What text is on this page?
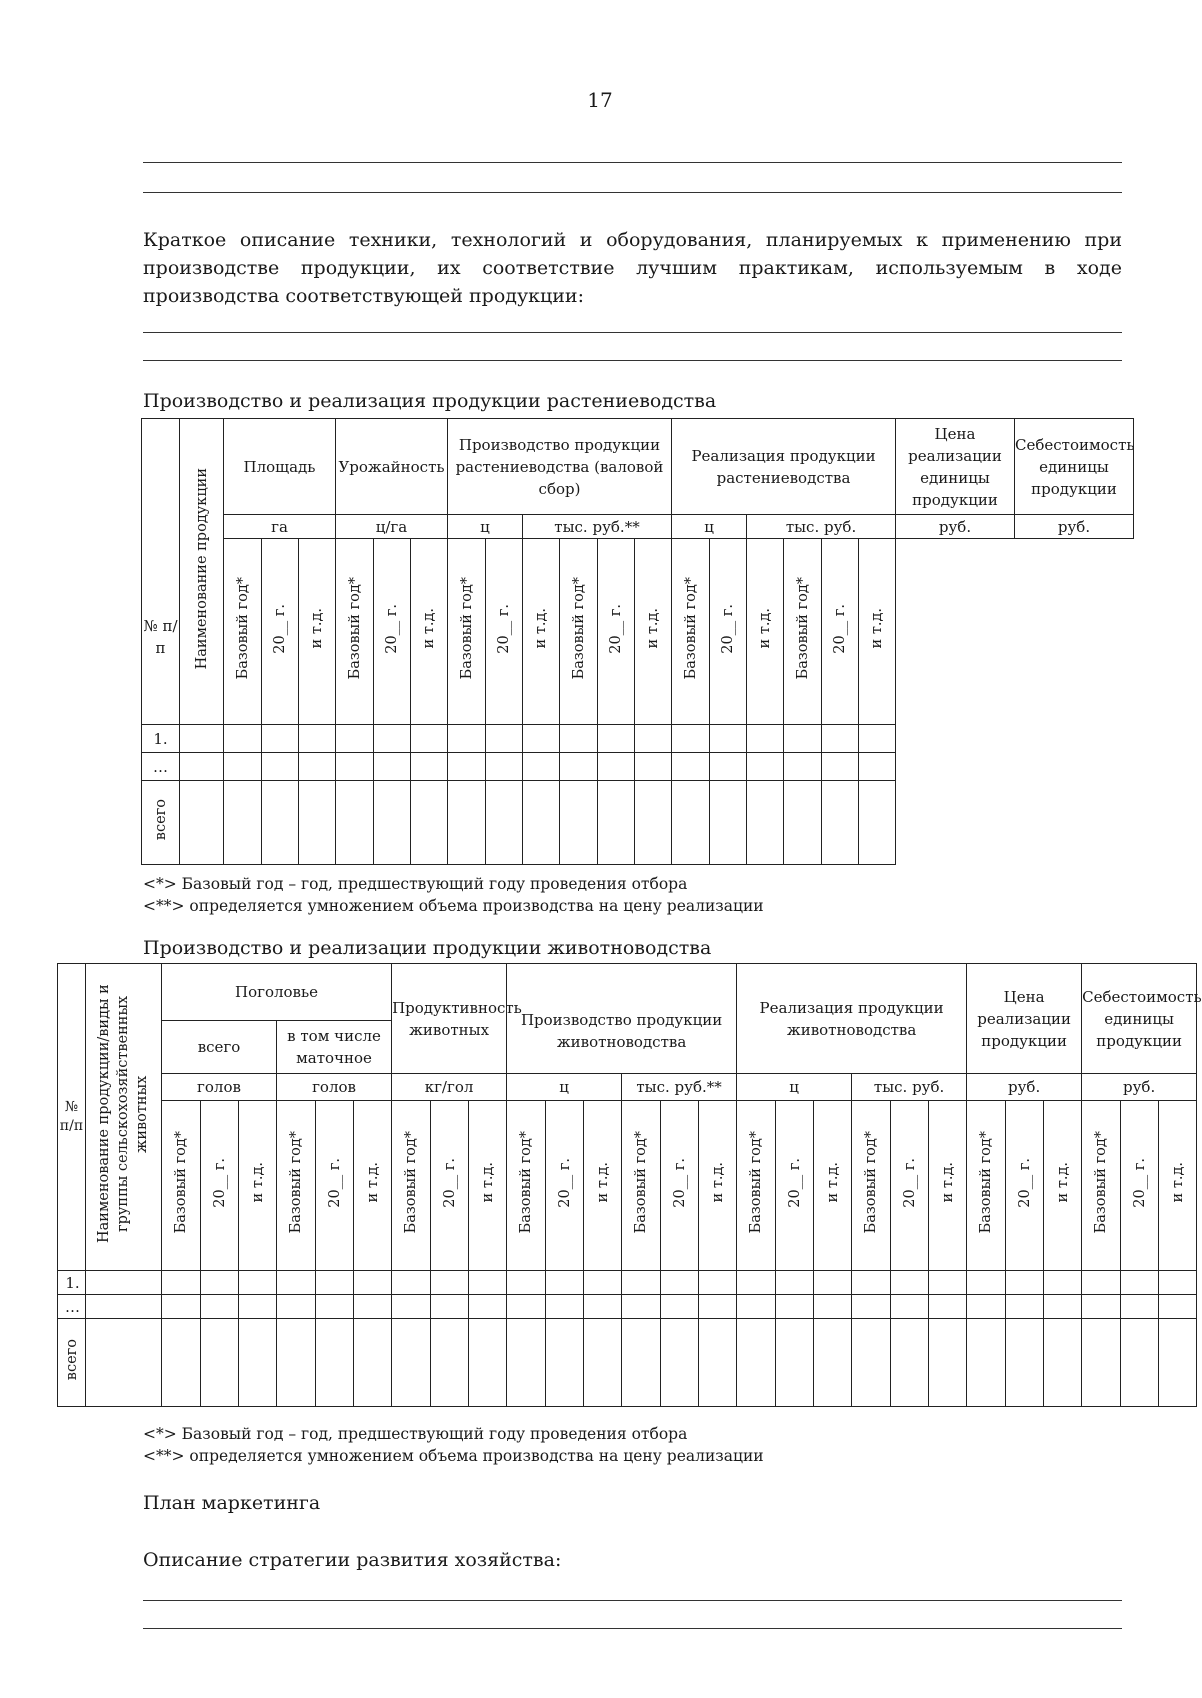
17
Краткое описание техники, технологий и оборудования, планируемых к применению при производстве продукции, их соответствие лучшим практикам, используемым в ходе производства соответствующей продукции:
Производство и реализация продукции растениеводства
№ п/п	Наименование продукции	Площадь			Урожайность			Производство продукции растениеводства (валовой сбор)						Реализация продукции растениеводства						Цена реализации единицы продукции	Себестоимость единицы продукции
		га			ц/га			ц		тыс. руб.**				ц		тыс. руб.				руб.	руб.
		Базовый год*	20__ г.	и т.д.	Базовый год*	20__ г.	и т.д.	Базовый год*	20__ г.	и т.д.	Базовый год*	20__ г.	и т.д.	Базовый год*	20__ г.	и т.д.	Базовый год*	20__ г.	и т.д.		
1.																					
…																					
всего																					
<*> Базовый год – год, предшествующий году проведения отбора
<**> определяется умножением объема производства на цену реализации
Производство и реализации продукции животноводства
№ п/п	Наименование продукции/виды и группы сельскохозяйственных животных	Поголовье						Продуктивность животных			Производство продукции животноводства						Реализация продукции животноводства						Цена реализации продукции			Себестоимость единицы продукции		
		всего			в том числе маточное																							
		голов			голов			кг/гол			ц			тыс. руб.**			ц			тыс. руб.			руб.			руб.		
		Базовый год*	20__ г.	и т.д.	Базовый год*	20__ г.	и т.д.	Базовый год*	20__ г.	и т.д.	Базовый год*	20__ г.	и т.д.	Базовый год*	20__ г.	и т.д.	Базовый год*	20__ г.	и т.д.	Базовый год*	20__ г.	и т.д.	Базовый год*	20__ г.	и т.д.	Базовый год*	20__ г.	и т.д.
1.																												
…																												
всего																												
<*> Базовый год – год, предшествующий году проведения отбора
<**> определяется умножением объема производства на цену реализации
План маркетинга
Описание стратегии развития хозяйства:
